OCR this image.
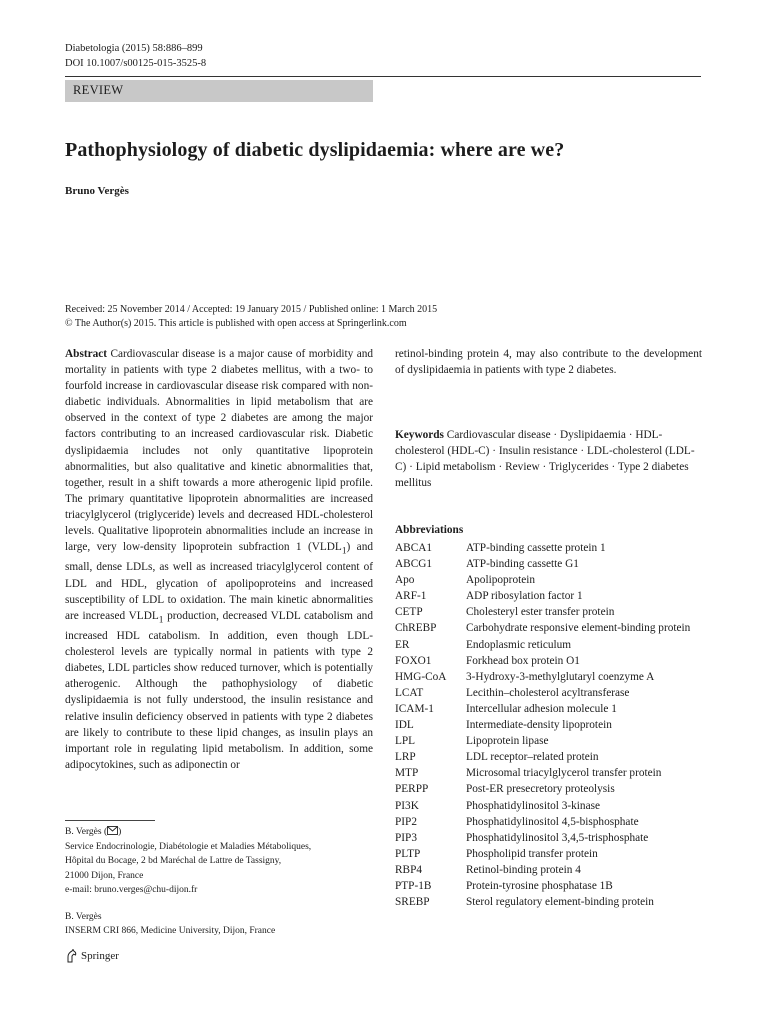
Diabetologia (2015) 58:886–899
DOI 10.1007/s00125-015-3525-8
REVIEW
Pathophysiology of diabetic dyslipidaemia: where are we?
Bruno Vergès
Received: 25 November 2014 / Accepted: 19 January 2015 / Published online: 1 March 2015
© The Author(s) 2015. This article is published with open access at Springerlink.com
Abstract Cardiovascular disease is a major cause of morbidity and mortality in patients with type 2 diabetes mellitus, with a two- to fourfold increase in cardiovascular disease risk compared with non-diabetic individuals. Abnormalities in lipid metabolism that are observed in the context of type 2 diabetes are among the major factors contributing to an increased cardiovascular risk. Diabetic dyslipidaemia includes not only quantitative lipoprotein abnormalities, but also qualitative and kinetic abnormalities that, together, result in a shift towards a more atherogenic lipid profile. The primary quantitative lipoprotein abnormalities are increased triacylglycerol (triglyceride) levels and decreased HDL-cholesterol levels. Qualitative lipoprotein abnormalities include an increase in large, very low-density lipoprotein subfraction 1 $(VLDL_1)$ and small, dense LDLs, as well as increased triacylglycerol content of LDL and HDL, glycation of apolipoproteins and increased susceptibility of LDL to oxidation. The main kinetic abnormalities are increased $VLDL_1$ production, decreased VLDL catabolism and increased HDL catabolism. In addition, even though LDL-cholesterol levels are typically normal in patients with type 2 diabetes, LDL particles show reduced turnover, which is potentially atherogenic. Although the pathophysiology of diabetic dyslipidaemia is not fully understood, the insulin resistance and relative insulin deficiency observed in patients with type 2 diabetes are likely to contribute to these lipid changes, as insulin plays an important role in regulating lipid metabolism. In addition, some adipocytokines, such as adiponectin or
retinol-binding protein 4, may also contribute to the development of dyslipidaemia in patients with type 2 diabetes.
Keywords Cardiovascular disease · Dyslipidaemia · HDL-cholesterol (HDL-C) · Insulin resistance · LDL-cholesterol (LDL-C) · Lipid metabolism · Review · Triglycerides · Type 2 diabetes mellitus
Abbreviations
ABCA1	ATP-binding cassette protein 1
ABCG1	ATP-binding cassette G1
Apo	Apolipoprotein
ARF-1	ADP ribosylation factor 1
CETP	Cholesteryl ester transfer protein
ChREBP	Carbohydrate responsive element-binding protein
ER	Endoplasmic reticulum
FOXO1	Forkhead box protein O1
HMG-CoA	3-Hydroxy-3-methylglutaryl coenzyme A
LCAT	Lecithin–cholesterol acyltransferase
ICAM-1	Intercellular adhesion molecule 1
IDL	Intermediate-density lipoprotein
LPL	Lipoprotein lipase
LRP	LDL receptor–related protein
MTP	Microsomal triacylglycerol transfer protein
PERPP	Post-ER presecretory proteolysis
PI3K	Phosphatidylinositol 3-kinase
PIP2	Phosphatidylinositol 4,5-bisphosphate
PIP3	Phosphatidylinositol 3,4,5-trisphosphate
PLTP	Phospholipid transfer protein
RBP4	Retinol-binding protein 4
PTP-1B	Protein-tyrosine phosphatase 1B
SREBP	Sterol regulatory element-binding protein
B. Vergès ( )
Service Endocrinologie, Diabétologie et Maladies Métaboliques,
Hôpital du Bocage, 2 bd Maréchal de Lattre de Tassigny,
21000 Dijon, France
e-mail: bruno.verges@chu-dijon.fr
B. Vergès
INSERM CRI 866, Medicine University, Dijon, France
Springer
